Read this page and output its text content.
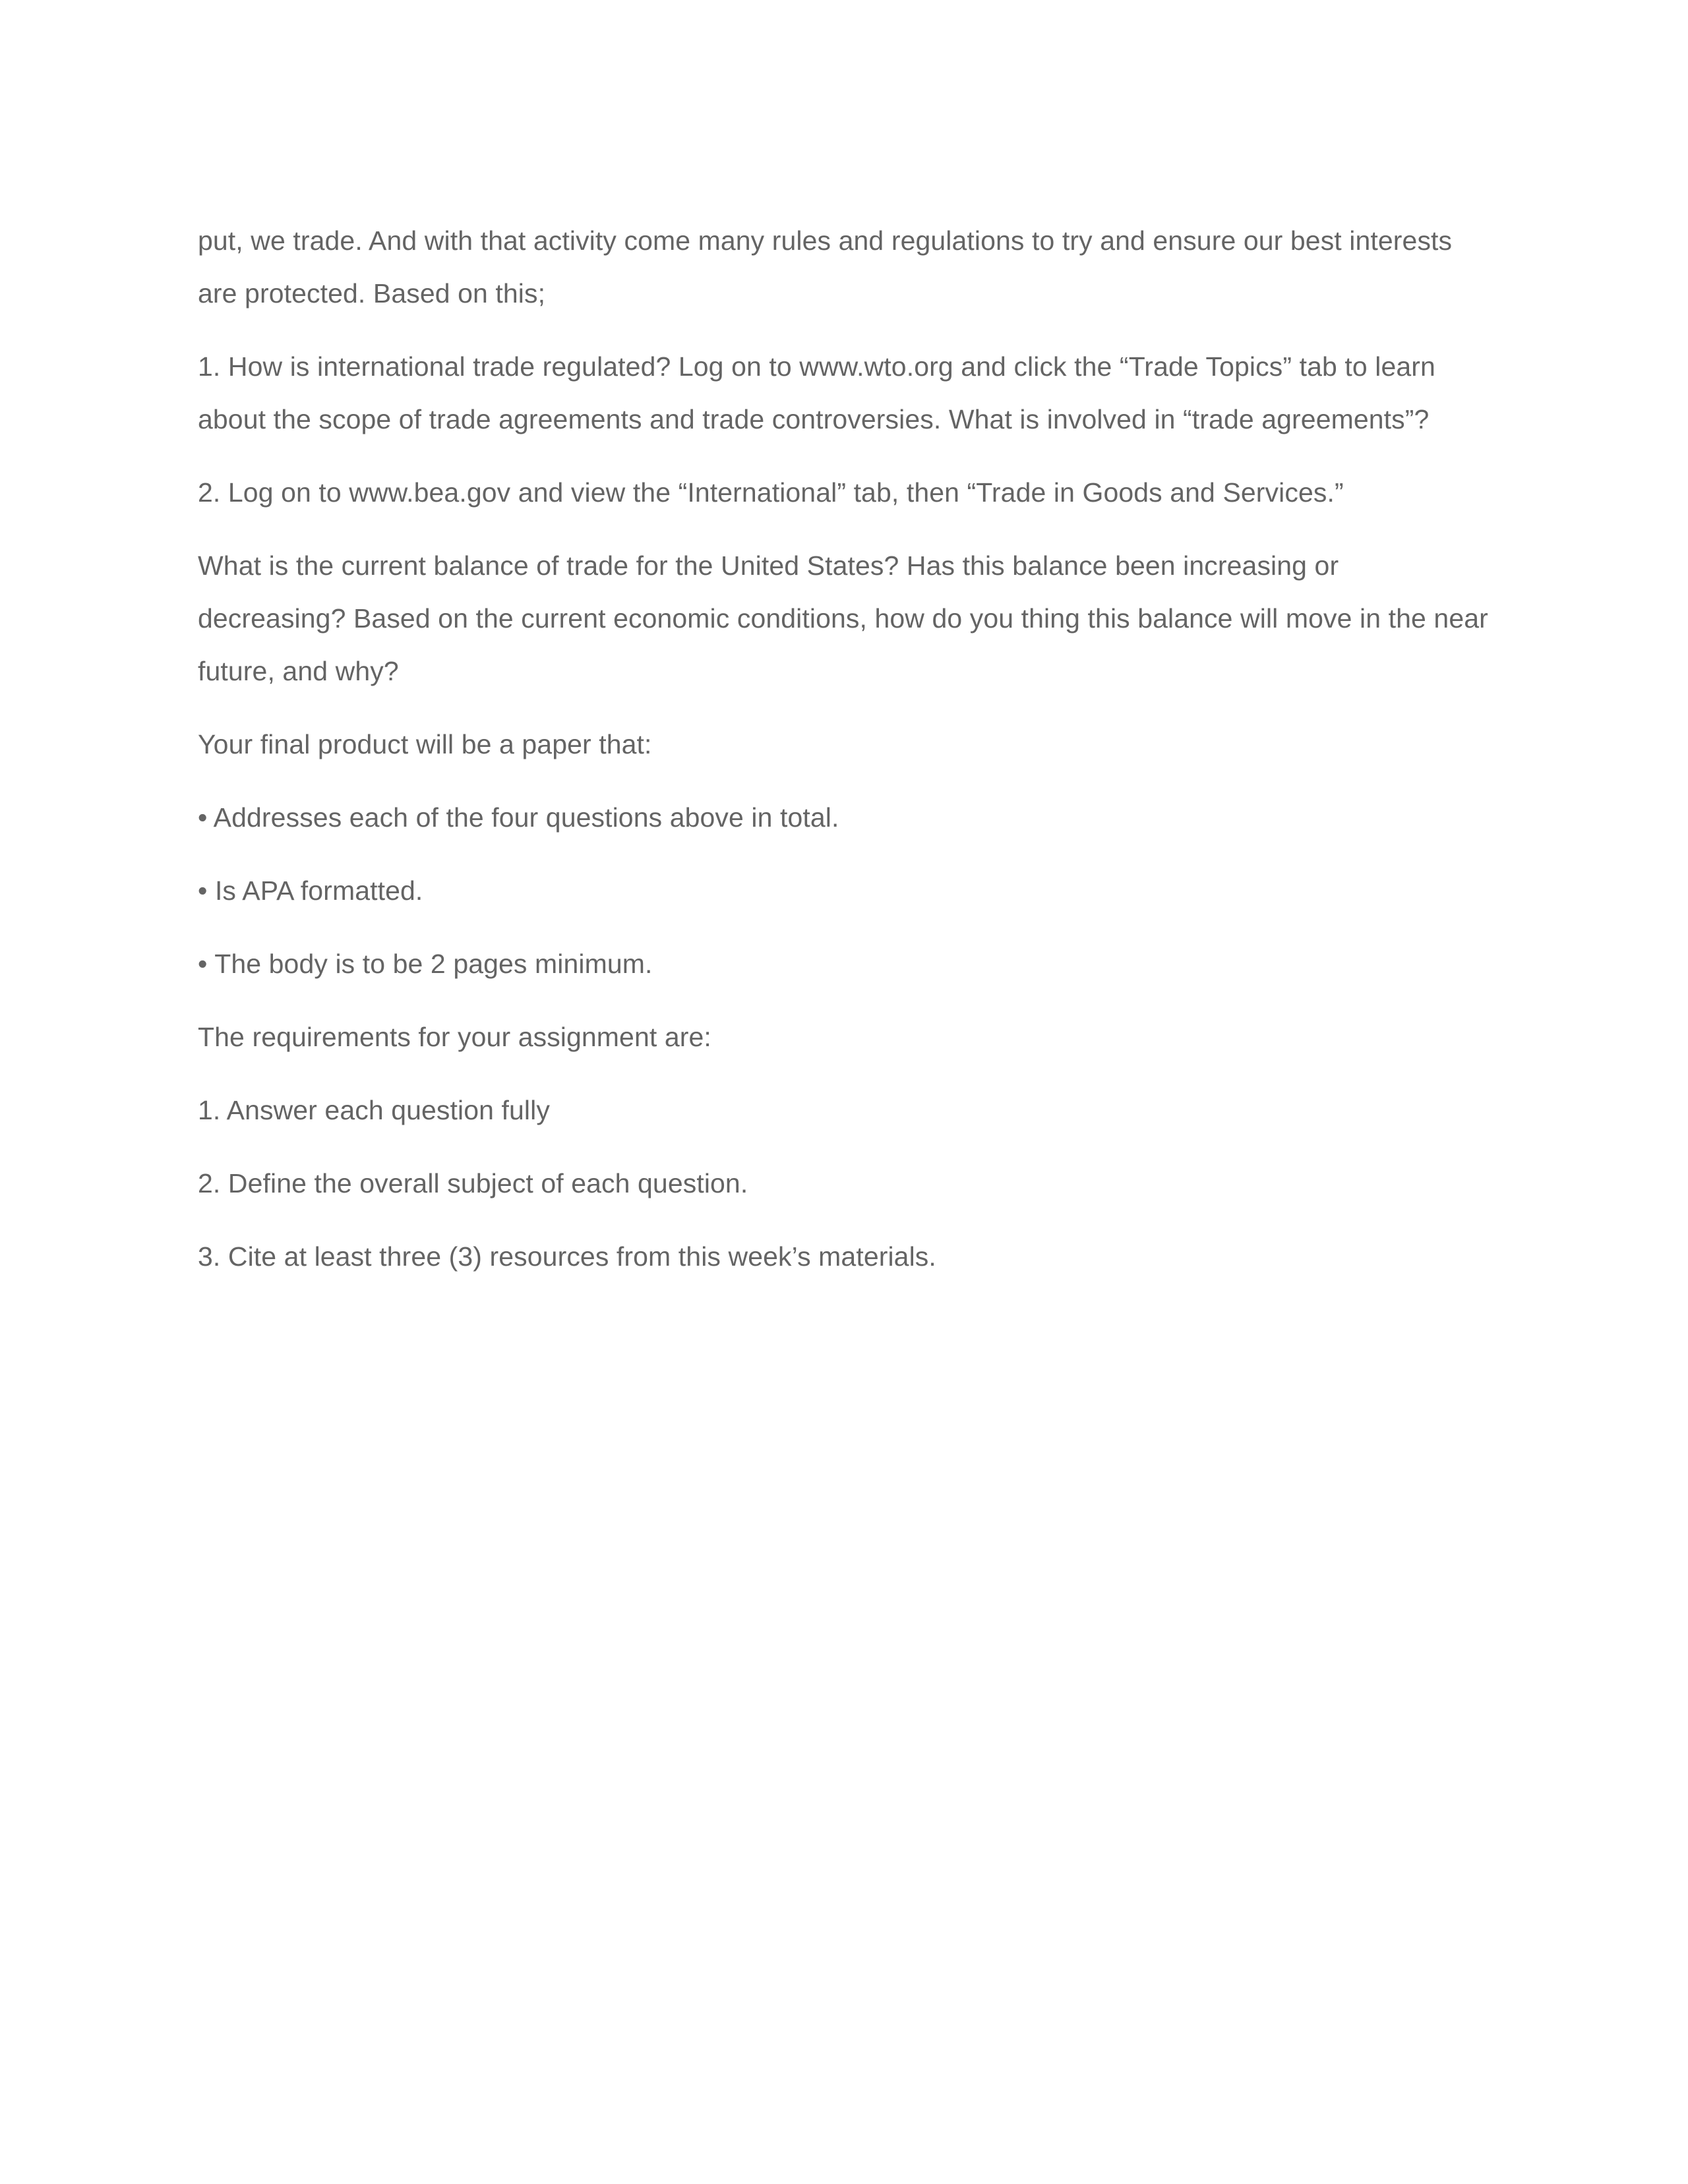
put, we trade. And with that activity come many rules and regulations to try and ensure our best interests are protected. Based on this;

1. How is international trade regulated? Log on to www.wto.org and click the “Trade Topics” tab to learn about the scope of trade agreements and trade controversies. What is involved in “trade agreements”?

2. Log on to www.bea.gov and view the “International” tab, then “Trade in Goods and Services.”

What is the current balance of trade for the United States? Has this balance been increasing or decreasing? Based on the current economic conditions, how do you thing this balance will move in the near future, and why?

Your final product will be a paper that:

• Addresses each of the four questions above in total.

• Is APA formatted.

• The body is to be 2 pages minimum.

The requirements for your assignment are:

1. Answer each question fully

2. Define the overall subject of each question.

3. Cite at least three (3) resources from this week’s materials.
